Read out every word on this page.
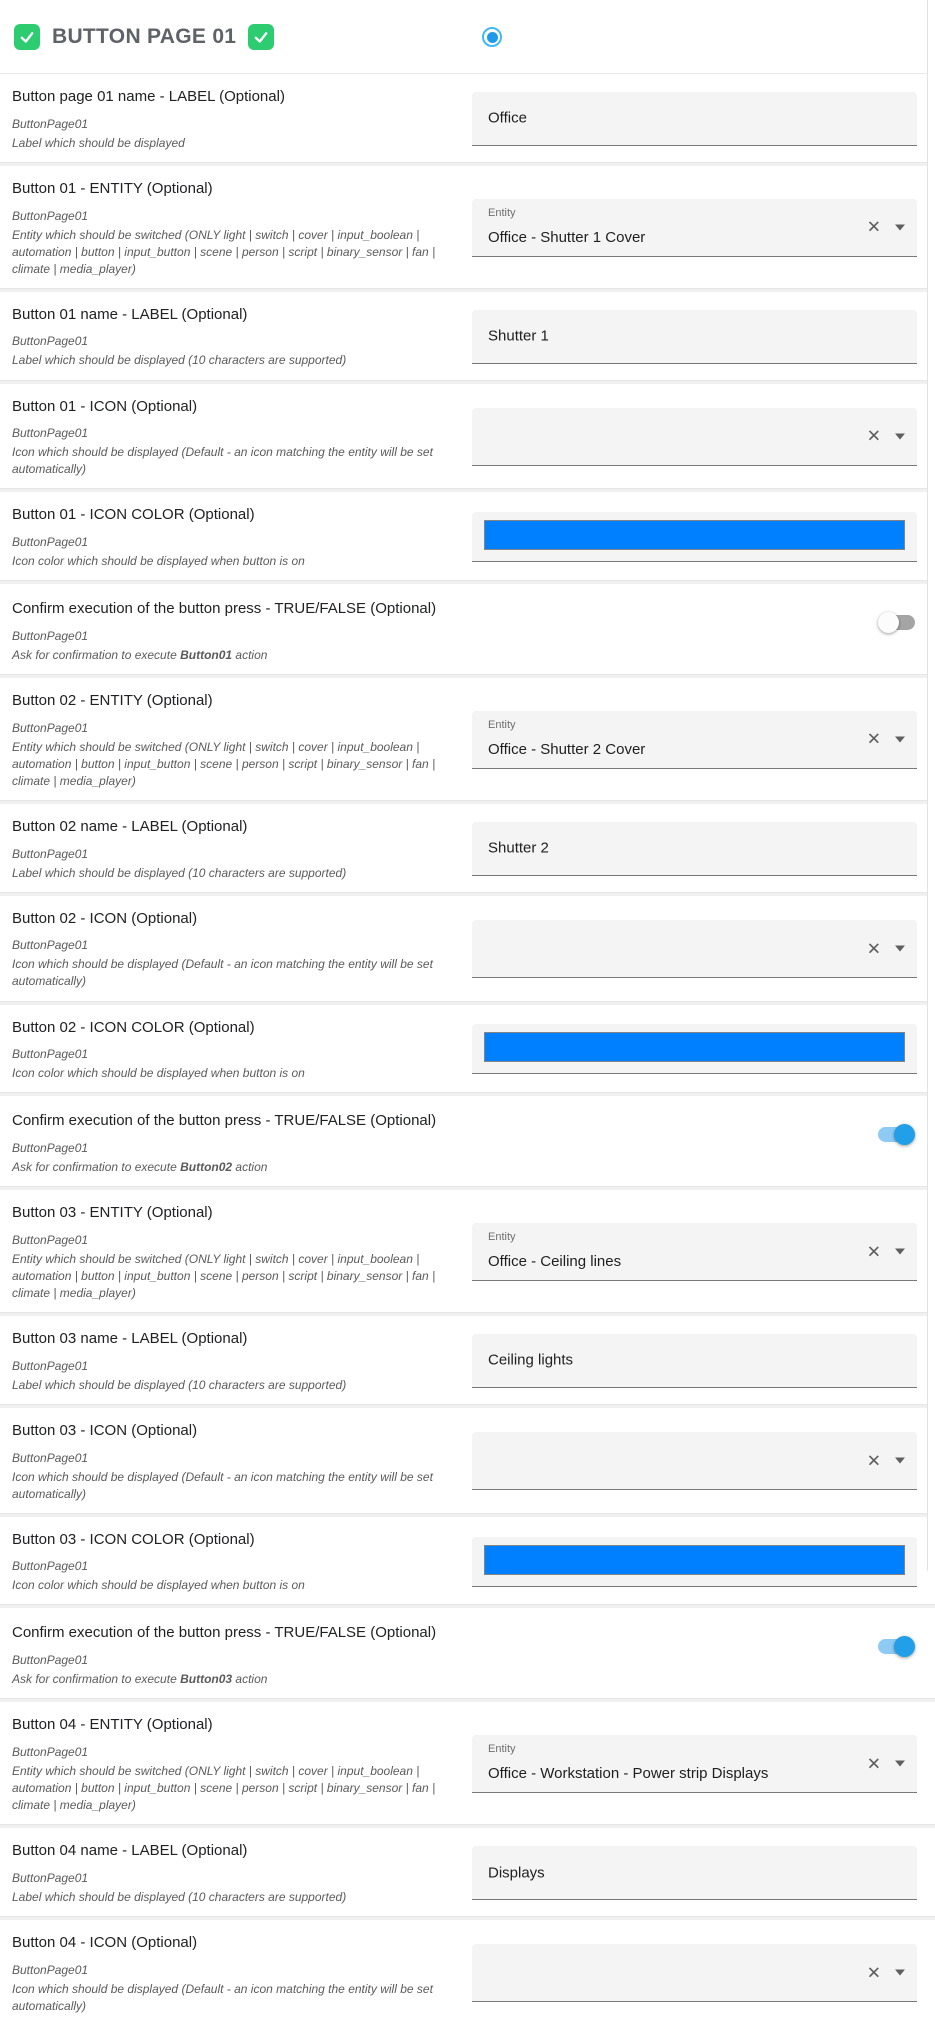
BUTTON PAGE 01
Button page 01 name - LABEL (Optional)
ButtonPage01
Label which should be displayed
Office
Button 01 - ENTITY (Optional)
ButtonPage01
Entity which should be switched (ONLY light | switch | cover | input_boolean | automation | button | input_button | scene | person | script | binary_sensor | fan | climate | media_player)
Entity
Office - Shutter 1 Cover
✕
Button 01 name - LABEL (Optional)
ButtonPage01
Label which should be displayed (10 characters are supported)
Shutter 1
Button 01 - ICON (Optional)
ButtonPage01
Icon which should be displayed (Default - an icon matching the entity will be set automatically)
✕
Button 01 - ICON COLOR (Optional)
ButtonPage01
Icon color which should be displayed when button is on
Confirm execution of the button press - TRUE/FALSE (Optional)
ButtonPage01
Ask for confirmation to execute Button01 action
Button 02 - ENTITY (Optional)
ButtonPage01
Entity which should be switched (ONLY light | switch | cover | input_boolean | automation | button | input_button | scene | person | script | binary_sensor | fan | climate | media_player)
Entity
Office - Shutter 2 Cover
✕
Button 02 name - LABEL (Optional)
ButtonPage01
Label which should be displayed (10 characters are supported)
Shutter 2
Button 02 - ICON (Optional)
ButtonPage01
Icon which should be displayed (Default - an icon matching the entity will be set automatically)
✕
Button 02 - ICON COLOR (Optional)
ButtonPage01
Icon color which should be displayed when button is on
Confirm execution of the button press - TRUE/FALSE (Optional)
ButtonPage01
Ask for confirmation to execute Button02 action
Button 03 - ENTITY (Optional)
ButtonPage01
Entity which should be switched (ONLY light | switch | cover | input_boolean | automation | button | input_button | scene | person | script | binary_sensor | fan | climate | media_player)
Entity
Office - Ceiling lines
✕
Button 03 name - LABEL (Optional)
ButtonPage01
Label which should be displayed (10 characters are supported)
Ceiling lights
Button 03 - ICON (Optional)
ButtonPage01
Icon which should be displayed (Default - an icon matching the entity will be set automatically)
✕
Button 03 - ICON COLOR (Optional)
ButtonPage01
Icon color which should be displayed when button is on
Confirm execution of the button press - TRUE/FALSE (Optional)
ButtonPage01
Ask for confirmation to execute Button03 action
Button 04 - ENTITY (Optional)
ButtonPage01
Entity which should be switched (ONLY light | switch | cover | input_boolean | automation | button | input_button | scene | person | script | binary_sensor | fan | climate | media_player)
Entity
Office - Workstation - Power strip Displays
✕
Button 04 name - LABEL (Optional)
ButtonPage01
Label which should be displayed (10 characters are supported)
Displays
Button 04 - ICON (Optional)
ButtonPage01
Icon which should be displayed (Default - an icon matching the entity will be set automatically)
✕
